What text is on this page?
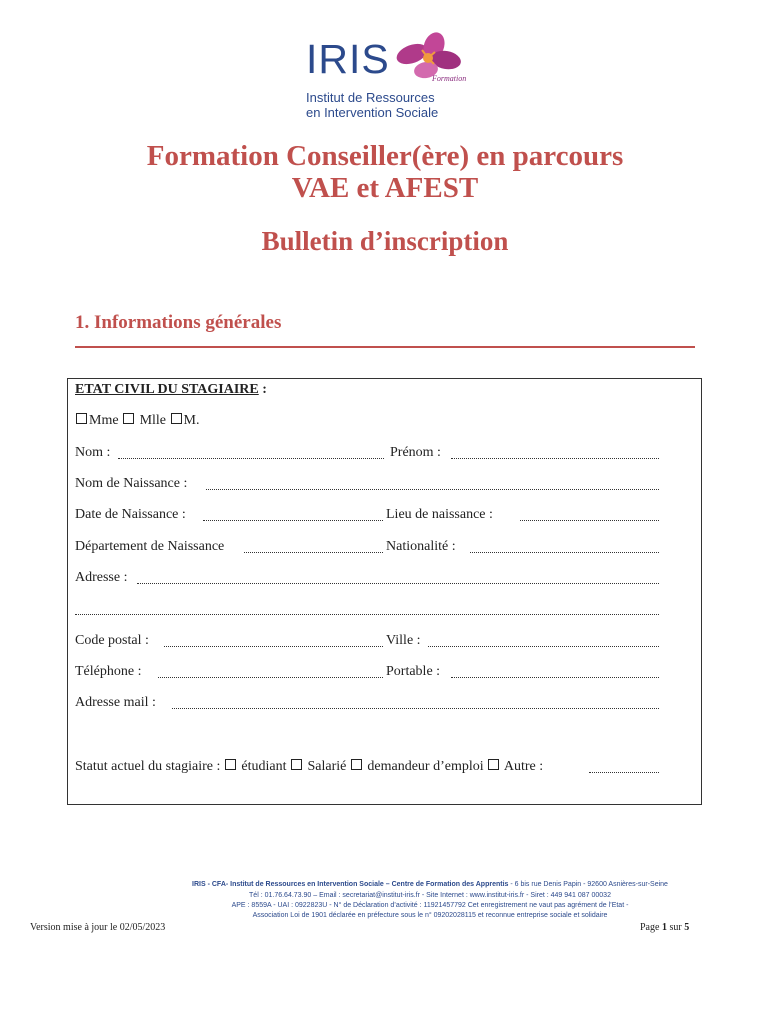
IRIS	Formation
Institut de Ressources
en Intervention Sociale
Formation Conseiller(ère) en parcours
VAE et AFEST
Bulletin d’inscription
1. Informations générales
ETAT CIVIL DU STAGIAIRE :
Mme  Mlle M.
Nom :	Prénom :
Nom de Naissance :
Date de Naissance :	Lieu de naissance :
Département de Naissance	Nationalité :
Adresse :
Code postal :	Ville :
Téléphone :	Portable :
Adresse mail :
Statut actuel du stagiaire : étudiant Salarié demandeur d’emploi Autre :
IRIS - CFA- Institut de Ressources en Intervention Sociale – Centre de Formation des Apprentis - 6 bis rue Denis Papin - 92600 Asnières-sur-Seine
Tél : 01.76.64.73.90 – Email : secretariat@institut-iris.fr - Site Internet : www.institut-iris.fr - Siret : 449 941 087 00032
APE : 8559A - UAI : 0922823U - N° de Déclaration d’activité : 11921457792 Cet enregistrement ne vaut pas agrément de l’Etat -
Association Loi de 1901 déclarée en préfecture sous le n° 09202028115 et reconnue entreprise sociale et solidaire
Version mise à jour le 02/05/2023	Page 1 sur 5
